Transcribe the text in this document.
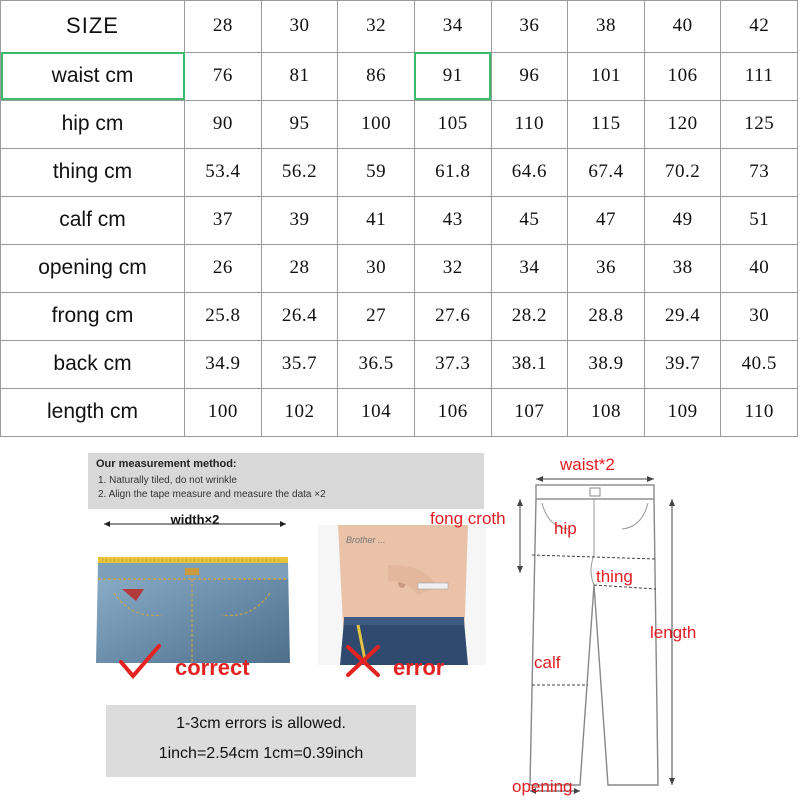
SIZE	28	30	32	34	36	38	40	42
waist cm	76	81	86	91	96	101	106	111
hip cm	90	95	100	105	110	115	120	125
thing cm	53.4	56.2	59	61.8	64.6	67.4	70.2	73
calf cm	37	39	41	43	45	47	49	51
opening cm	26	28	30	32	34	36	38	40
frong cm	25.8	26.4	27	27.6	28.2	28.8	29.4	30
back cm	34.9	35.7	36.5	37.3	38.1	38.9	39.7	40.5
length cm	100	102	104	106	107	108	109	110
Our measurement method:
1. Naturally tiled, do not wrinkle
2. Align the tape measure and measure the data ×2
width×2
Brother ...
correct	error
1-3cm errors is allowed.
1inch=2.54cm 1cm=0.39inch
waist*2
fong croth
hip
thing
length
calf
opening
